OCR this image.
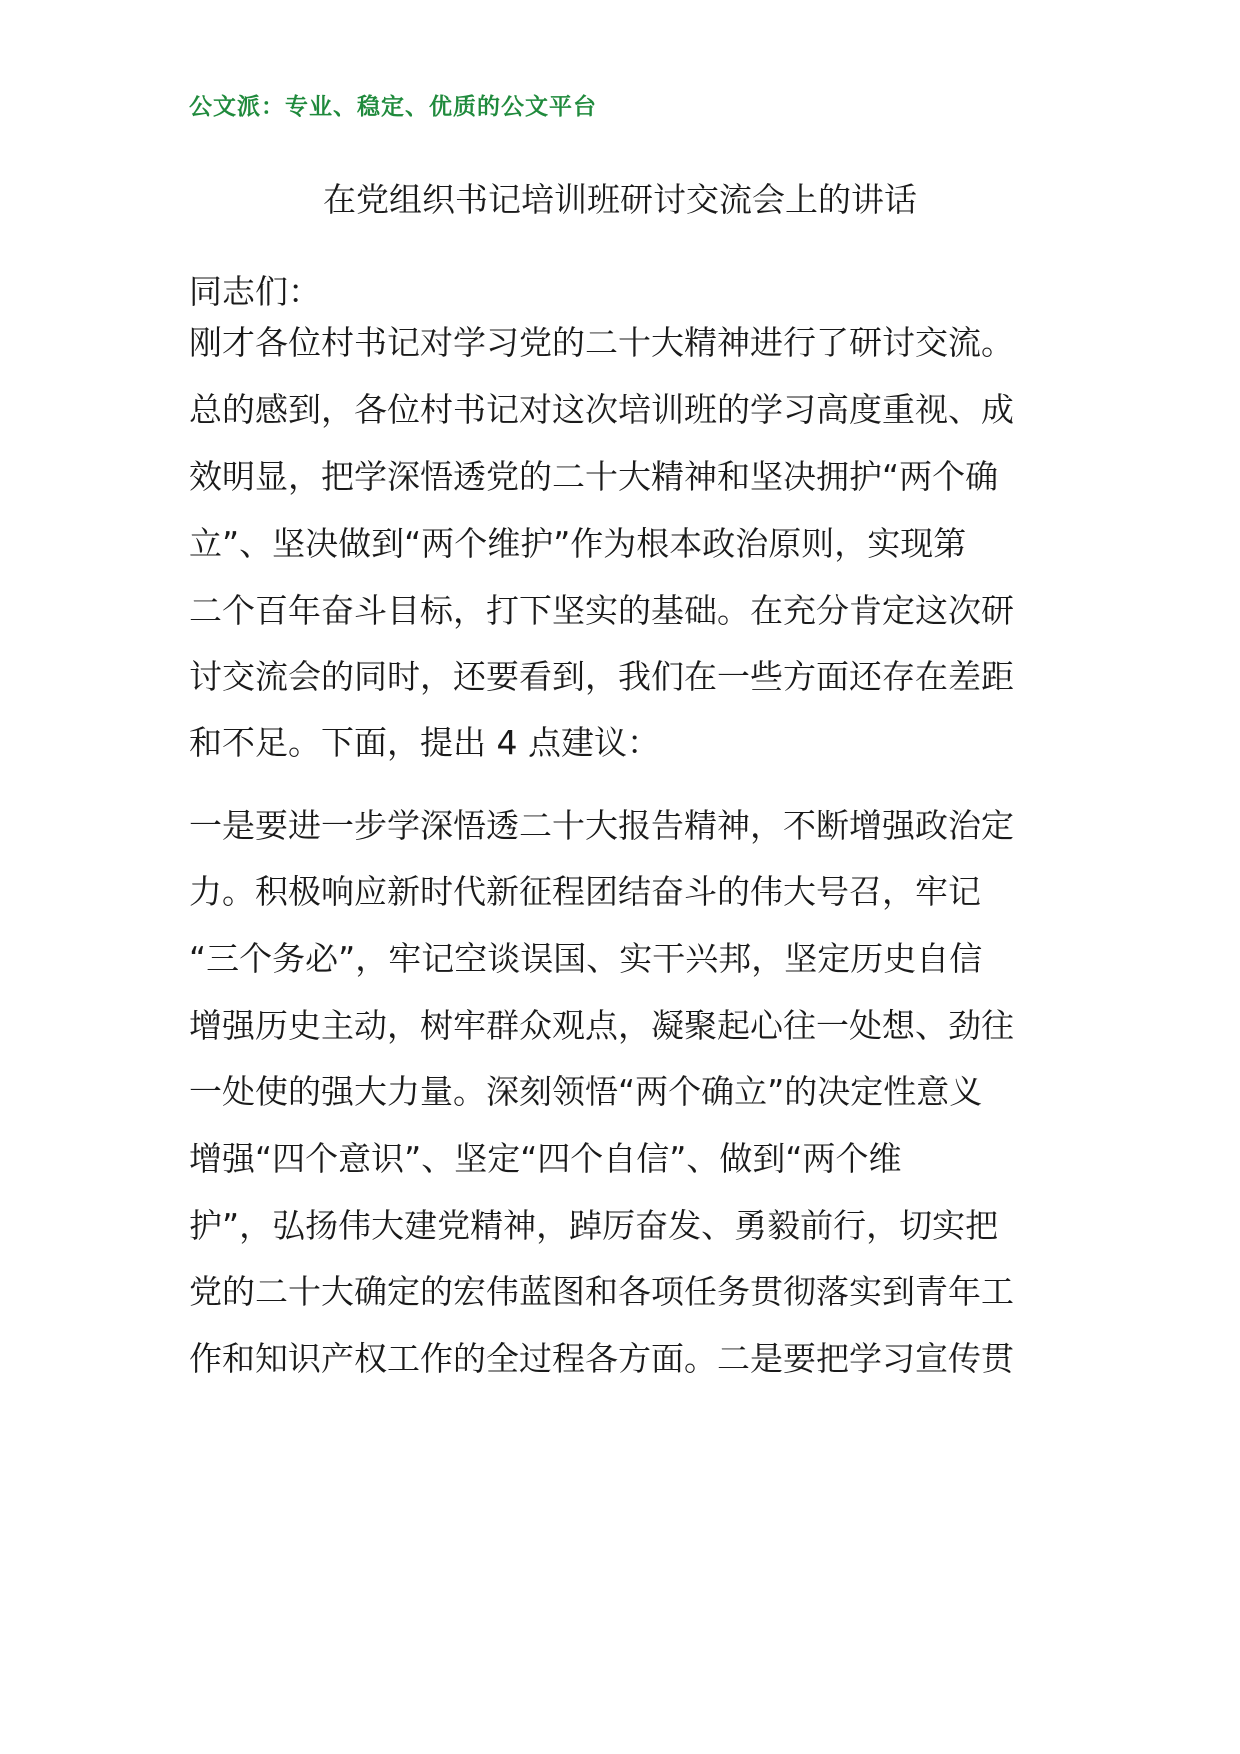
公文派：专业、稳定、优质的公文平台
在党组织书记培训班研讨交流会上的讲话
同志们：
刚才各位村书记对学习党的二十大精神进行了研讨交流。
总的感到，各位村书记对这次培训班的学习高度重视、成
效明显，把学深悟透党的二十大精神和坚决拥护“两个确
立”、坚决做到“两个维护”作为根本政治原则，实现第
二个百年奋斗目标，打下坚实的基础。在充分肯定这次研
讨交流会的同时，还要看到，我们在一些方面还存在差距
和不足。下面，提出 4 点建议：
一是要进一步学深悟透二十大报告精神，不断增强政治定
力。积极响应新时代新征程团结奋斗的伟大号召，牢记
“三个务必”，牢记空谈误国、实干兴邦，坚定历史自信
增强历史主动，树牢群众观点，凝聚起心往一处想、劲往
一处使的强大力量。深刻领悟“两个确立”的决定性意义
增强“四个意识”、坚定“四个自信”、做到“两个维
护”，弘扬伟大建党精神，踔厉奋发、勇毅前行，切实把
党的二十大确定的宏伟蓝图和各项任务贯彻落实到青年工
作和知识产权工作的全过程各方面。二是要把学习宣传贯
